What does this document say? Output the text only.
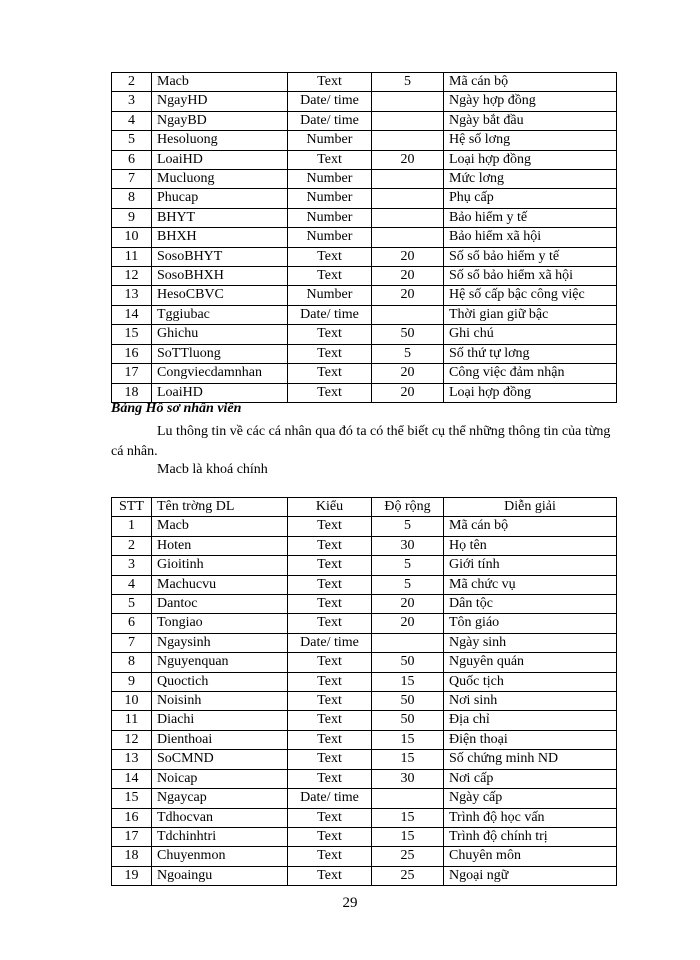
2	Macb	Text	5	Mã cán bộ
3	NgayHD	Date/ time		Ngày hợp đồng
4	NgayBD	Date/ time		Ngày bắt đầu
5	Hesoluong	Number		Hệ số lơng
6	LoaiHD	Text	20	Loại hợp đồng
7	Mucluong	Number		Mức lơng
8	Phucap	Number		Phụ cấp
9	BHYT	Number		Bảo hiểm y tế
10	BHXH	Number		Bảo hiểm xã hội
11	SosoBHYT	Text	20	Số sổ bảo hiểm y tế
12	SosoBHXH	Text	20	Số sổ bảo hiểm xã hội
13	HesoCBVC	Number	20	Hệ số cấp bậc công việc
14	Tggiubac	Date/ time		Thời gian giữ bậc
15	Ghichu	Text	50	Ghi chú
16	SoTTluong	Text	5	Số thứ tự lơng
17	Congviecdamnhan	Text	20	Công việc đảm nhận
18	LoaiHD	Text	20	Loại hợp đồng
Bảng Hồ sơ nhân viên

Lu thông tin về các cá nhân qua đó ta có thể biết cụ thể những thông tin của từng cá nhân.

Macb là khoá chính
STT	Tên trờng DL	Kiểu	Độ rộng	Diễn giải
1	Macb	Text	5	Mã cán bộ
2	Hoten	Text	30	Họ tên
3	Gioitinh	Text	5	Giới tính
4	Machucvu	Text	5	Mã chức vụ
5	Dantoc	Text	20	Dân tộc
6	Tongiao	Text	20	Tôn giáo
7	Ngaysinh	Date/ time		Ngày sinh
8	Nguyenquan	Text	50	Nguyên quán
9	Quoctich	Text	15	Quốc tịch
10	Noisinh	Text	50	Nơi sinh
11	Diachi	Text	50	Địa chỉ
12	Dienthoai	Text	15	Điện thoại
13	SoCMND	Text	15	Số chứng minh ND
14	Noicap	Text	30	Nơi cấp
15	Ngaycap	Date/ time		Ngày cấp
16	Tdhocvan	Text	15	Trình độ học vấn
17	Tdchinhtri	Text	15	Trình độ chính trị
18	Chuyenmon	Text	25	Chuyên môn
19	Ngoaingu	Text	25	Ngoại ngữ
29
